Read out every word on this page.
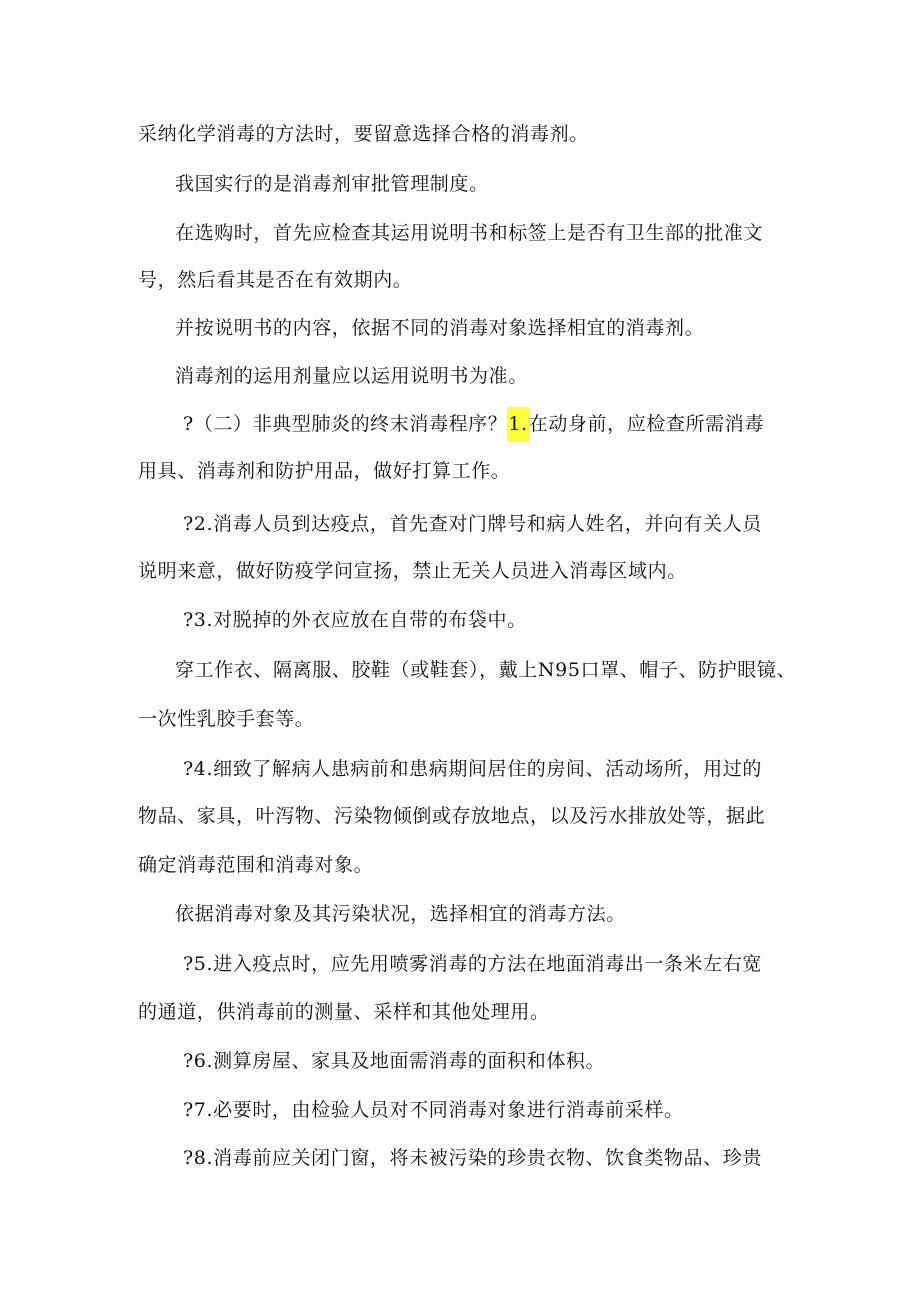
采纳化学消毒的方法时，要留意选择合格的消毒剂。
我国实行的是消毒剂审批管理制度。
在选购时，首先应检查其运用说明书和标签上是否有卫生部的批准文
号，然后看其是否在有效期内。
并按说明书的内容，依据不同的消毒对象选择相宜的消毒剂。
消毒剂的运用剂量应以运用说明书为准。
?（二）非典型肺炎的终末消毒程序？1.在动身前，应检查所需消毒
用具、消毒剂和防护用品，做好打算工作。
?2.消毒人员到达疫点，首先查对门牌号和病人姓名，并向有关人员
说明来意，做好防疫学问宣扬，禁止无关人员进入消毒区域内。
?3.对脱掉的外衣应放在自带的布袋中。
穿工作衣、隔离服、胶鞋（或鞋套），戴上N95口罩、帽子、防护眼镜、
一次性乳胶手套等。
?4.细致了解病人患病前和患病期间居住的房间、活动场所，用过的
物品、家具，叶泻物、污染物倾倒或存放地点，以及污水排放处等，据此
确定消毒范围和消毒对象。
依据消毒对象及其污染状况，选择相宜的消毒方法。
?5.进入疫点时，应先用喷雾消毒的方法在地面消毒出一条米左右宽
的通道，供消毒前的测量、采样和其他处理用。
?6.测算房屋、家具及地面需消毒的面积和体积。
?7.必要时，由检验人员对不同消毒对象进行消毒前采样。
?8.消毒前应关闭门窗，将未被污染的珍贵衣物、饮食类物品、珍贵
